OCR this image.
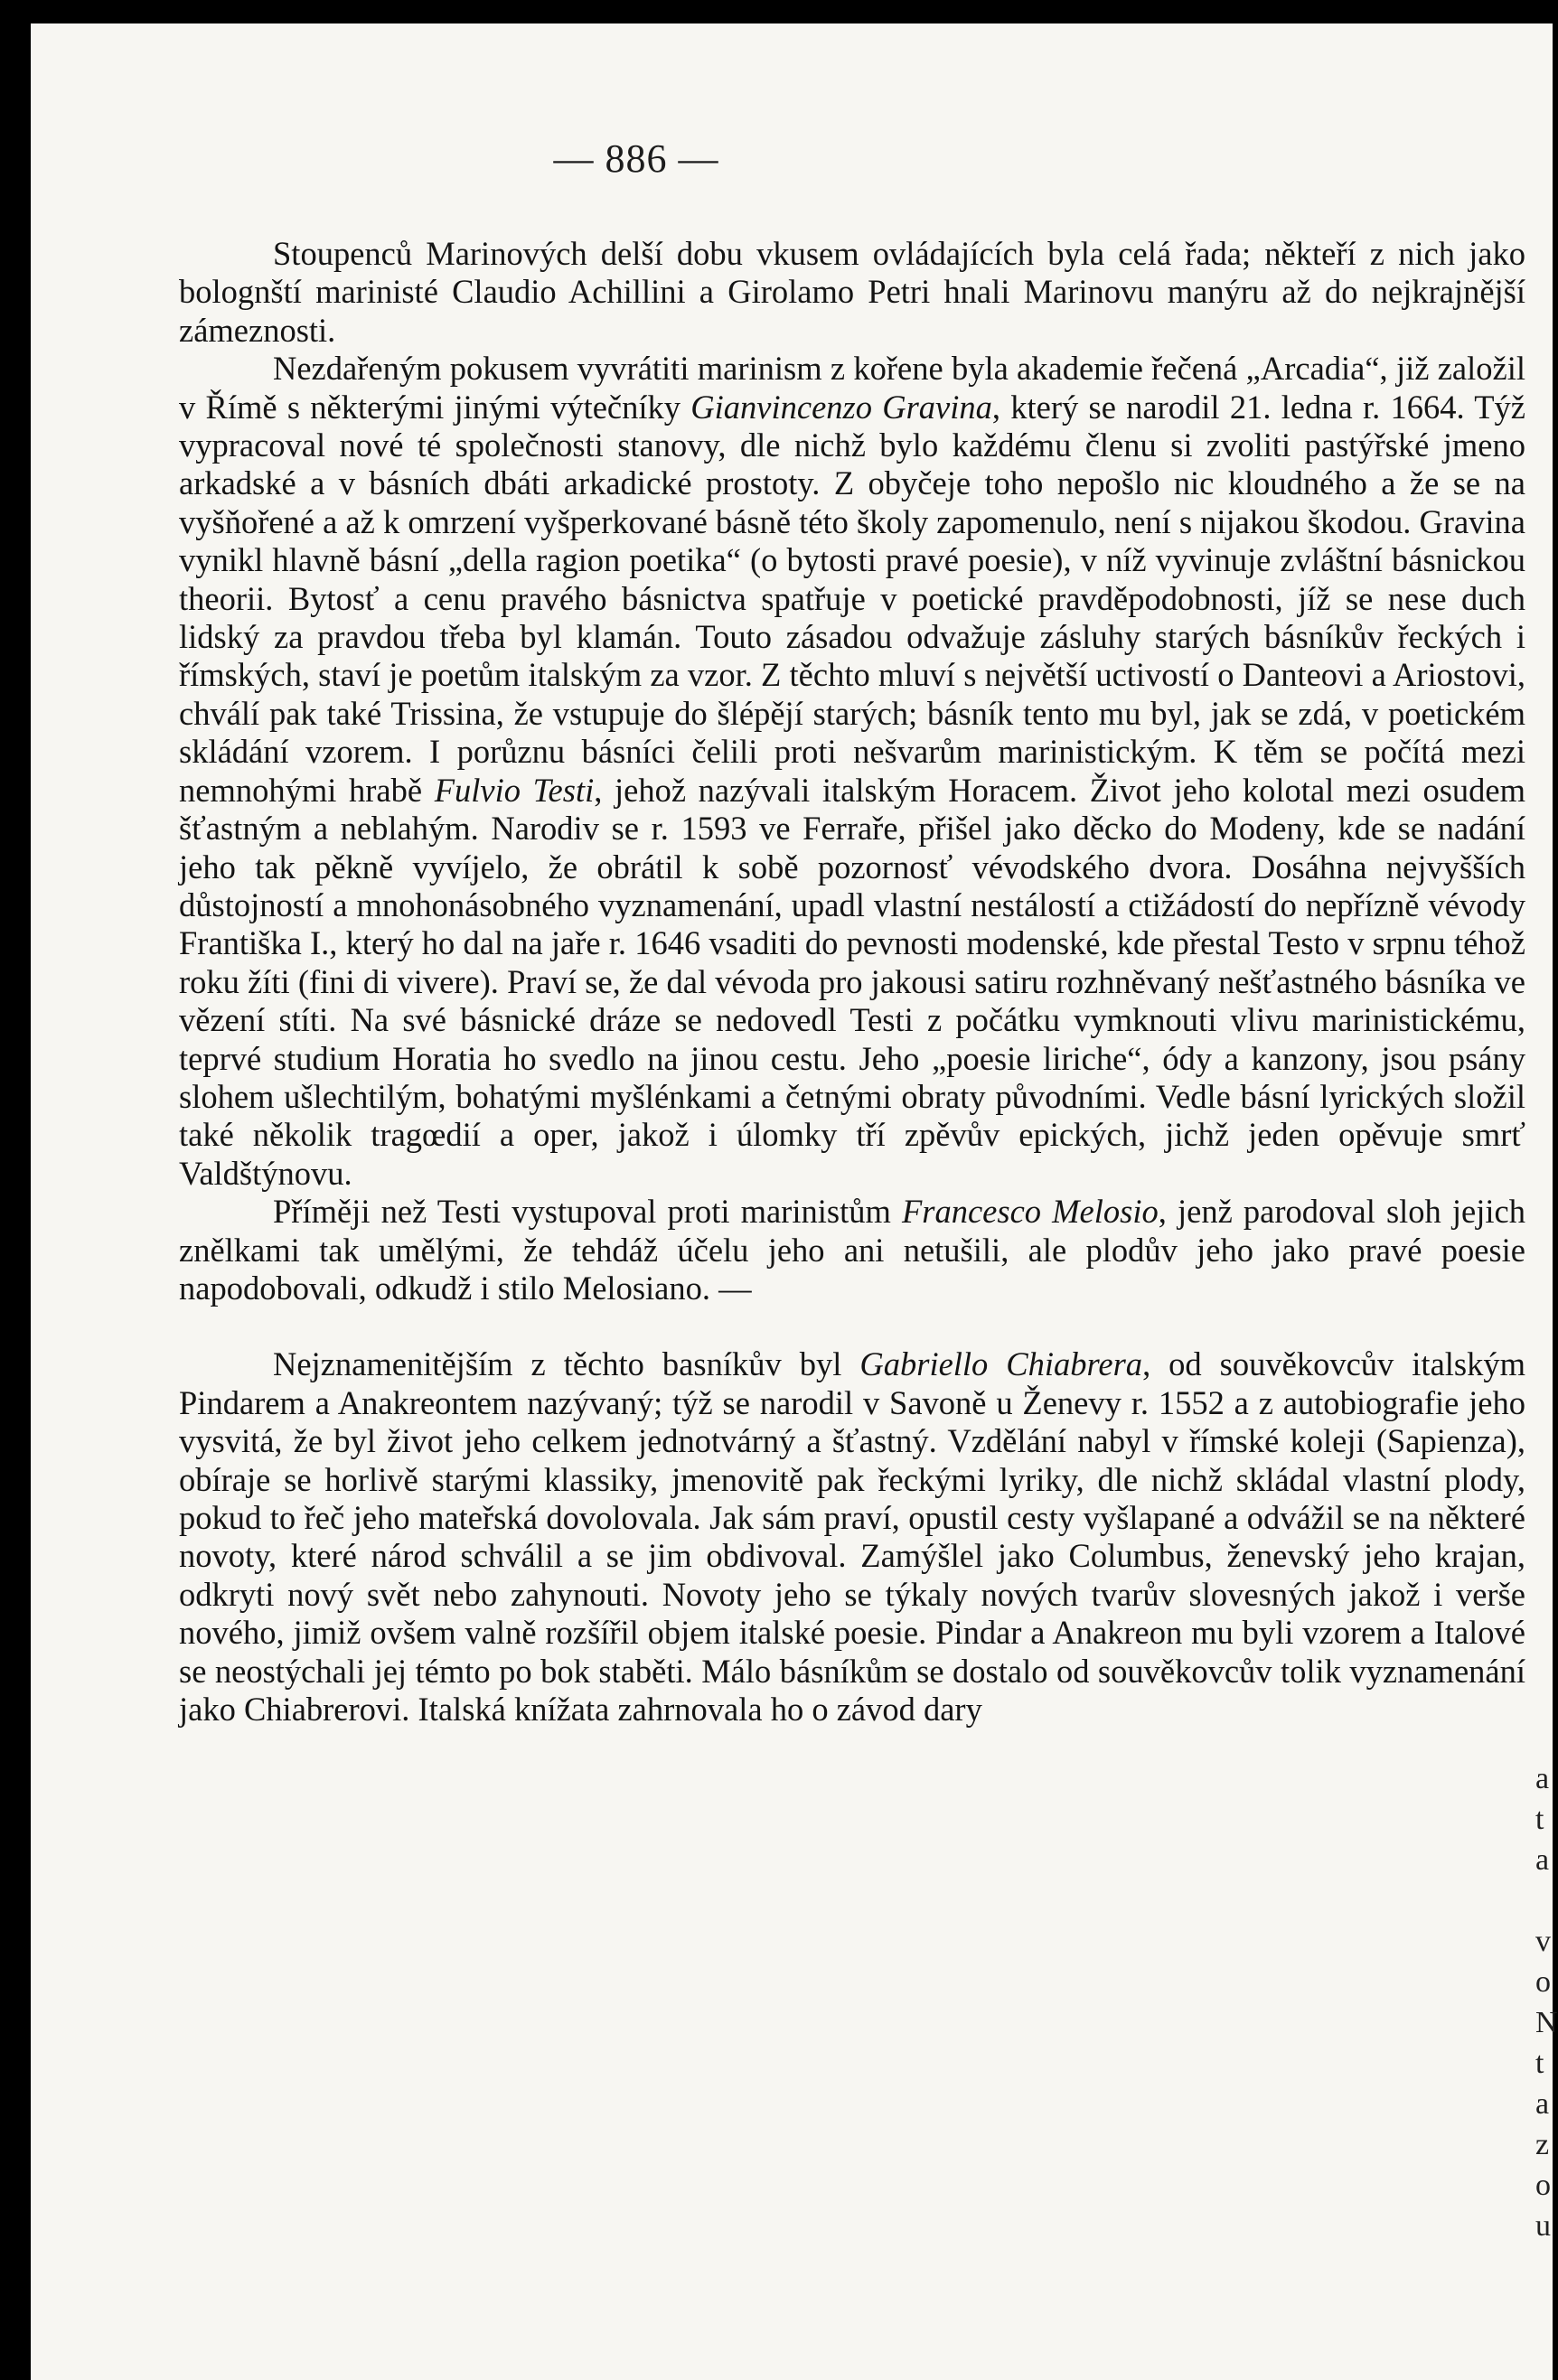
— 886 —

Stoupenců Marinových delší dobu vkusem ovládajících byla celá řada; někteří z nich jako bolognští marinisté Claudio Achillini a Girolamo Petri hnali Marinovu manýru až do nejkrajnější zámeznosti.

Nezdařeným pokusem vyvrátiti marinism z kořene byla akademie řečená „Arcadia“, již založil v Římě s některými jinými výtečníky Gianvincenzo Gravina, který se narodil 21. ledna r. 1664. Týž vypracoval nové té společnosti stanovy, dle nichž bylo každému členu si zvoliti pastýřské jmeno arkadské a v básních dbáti arkadické prostoty. Z obyčeje toho nepošlo nic kloudného a že se na vyšňořené a až k omrzení vyšperkované básně této školy zapomenulo, není s nijakou škodou. Gravina vynikl hlavně básní „della ragion poetika“ (o bytosti pravé poesie), v níž vyvinuje zvláštní básnickou theorii. Bytosť a cenu pravého básnictva spatřuje v poetické pravděpodobnosti, jíž se nese duch lidský za pravdou třeba byl klamán. Touto zásadou odvažuje zásluhy starých básníkův řeckých i římských, staví je poetům italským za vzor. Z těchto mluví s největší uctivostí o Danteovi a Ariostovi, chválí pak také Trissina, že vstupuje do šlépějí starých; básník tento mu byl, jak se zdá, v poetickém skládání vzorem. I porůznu básníci čelili proti nešvarům marinistickým. K těm se počítá mezi nemnohými hrabě Fulvio Testi, jehož nazývali italským Horacem. Život jeho kolotal mezi osudem šťastným a neblahým. Narodiv se r. 1593 ve Ferraře, přišel jako děcko do Modeny, kde se nadání jeho tak pěkně vyvíjelo, že obrátil k sobě pozornosť vévodského dvora. Dosáhna nejvyšších důstojností a mnohonásobného vyznamenání, upadl vlastní nestálostí a ctižádostí do nepřízně vévody Františka I., který ho dal na jaře r. 1646 vsaditi do pevnosti modenské, kde přestal Testo v srpnu téhož roku žíti (fini di vivere). Praví se, že dal vévoda pro jakousi satiru rozhněvaný nešťastného básníka ve vězení stíti. Na své básnické dráze se nedovedl Testi z počátku vymknouti vlivu marinistickému, teprvé studium Horatia ho svedlo na jinou cestu. Jeho „poesie liriche“, ódy a kanzony, jsou psány slohem ušlechtilým, bohatými myšlénkami a četnými obraty původními. Vedle básní lyrických složil také několik tragœdií a oper, jakož i úlomky tří zpěvův epických, jichž jeden opěvuje smrť Valdštýnovu.

Příměji než Testi vystupoval proti marinistům Francesco Melosio, jenž parodoval sloh jejich znělkami tak umělými, že tehdáž účelu jeho ani netušili, ale plodův jeho jako pravé poesie napodobovali, odkudž i stilo Melosiano. —

Nejznamenitějším z těchto basníkův byl Gabriello Chiabrera, od souvěkovcův italským Pindarem a Anakreontem nazývaný; týž se narodil v Savoně u Ženevy r. 1552 a z autobiografie jeho vysvitá, že byl život jeho celkem jednotvárný a šťastný. Vzdělání nabyl v římské koleji (Sapienza), obíraje se horlivě starými klassiky, jmenovitě pak řeckými lyriky, dle nichž skládal vlastní plody, pokud to řeč jeho mateřská dovolovala. Jak sám praví, opustil cesty vyšlapané a odvážil se na některé novoty, které národ schválil a se jim obdivoval. Zamýšlel jako Columbus, ženevský jeho krajan, odkryti nový svět nebo zahynouti. Novoty jeho se týkaly nových tvarův slovesných jakož i verše nového, jimiž ovšem valně rozšířil objem italské poesie. Pindar a Anakreon mu byli vzorem a Italové se neostýchali jej témto po bok staběti. Málo básníkům se dostalo od souvěkovcův tolik vyznamenání jako Chiabrerovi. Italská knížata zahrnovala ho o závod dary

a
t
a
v
o
N
t
a
z
o
u
